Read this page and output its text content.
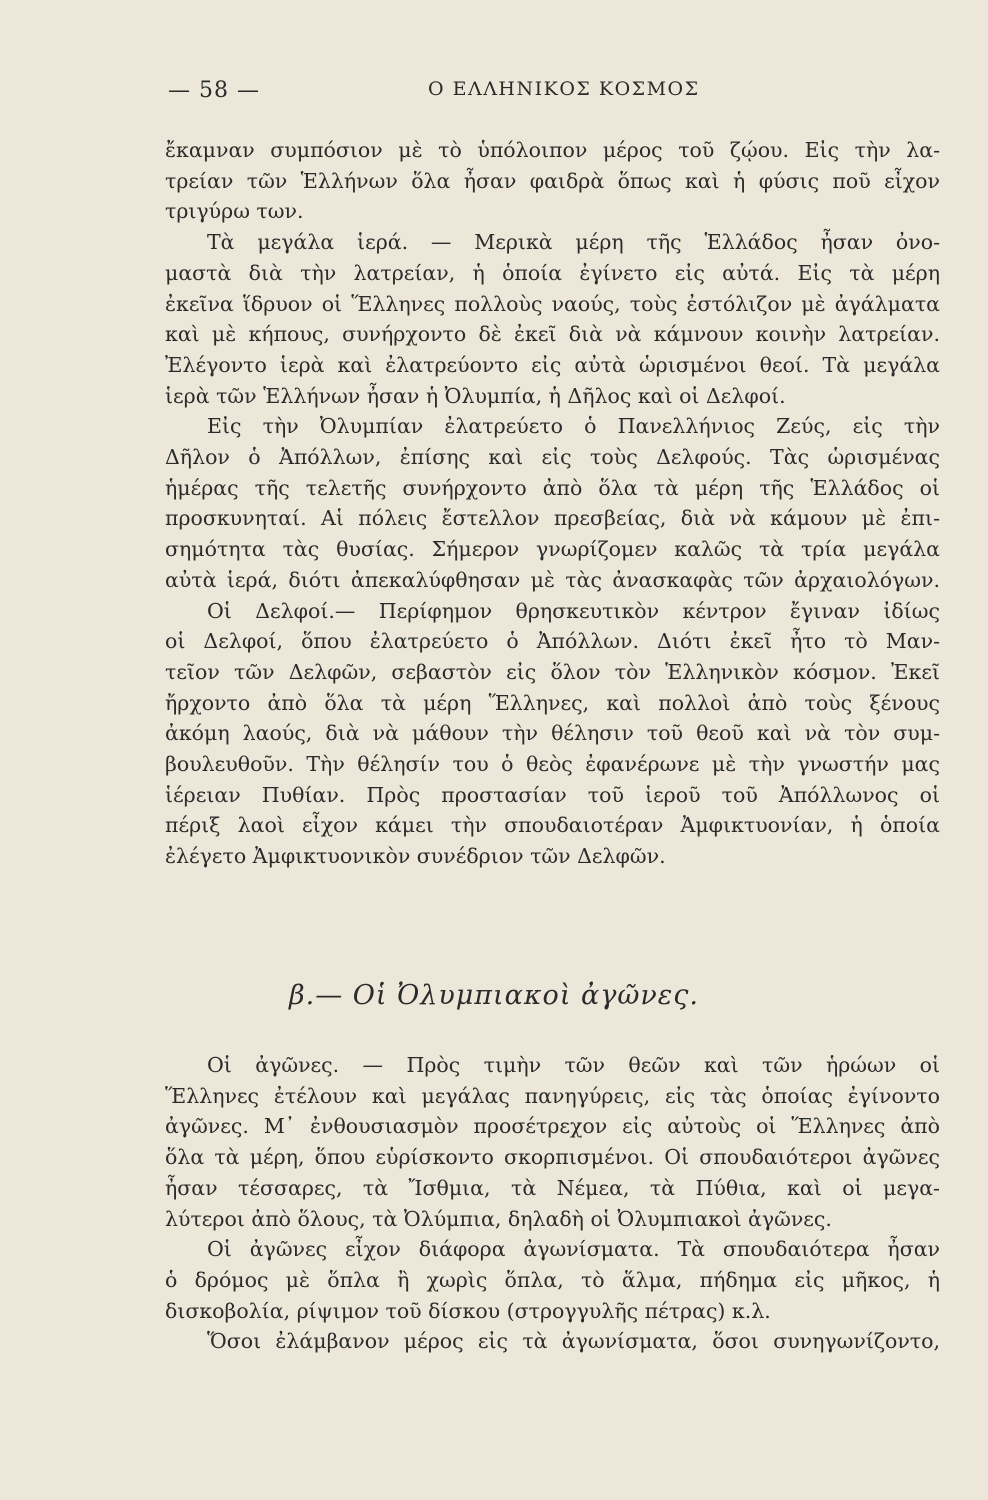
— 58 —	Ο ΕΛΛΗΝΙΚΟΣ ΚΟΣΜΟΣ
ἔκαμναν συμπόσιον μὲ τὸ ὑπόλοιπον μέρος τοῦ ζῴου. Εἰς τὴν λα-
τρείαν τῶν Ἑλλήνων ὅλα ἦσαν φαιδρὰ ὅπως καὶ ἡ φύσις ποῦ εἶχον
τριγύρω των.
Τὰ μεγάλα ἱερά. — Μερικὰ μέρη τῆς Ἑλλάδος ἦσαν ὀνο-
μαστὰ διὰ τὴν λατρείαν, ἡ ὁποία ἐγίνετο εἰς αὐτά. Εἰς τὰ μέρη
ἐκεῖνα ἵδρυον οἱ Ἕλληνες πολλοὺς ναούς, τοὺς ἐστόλιζον μὲ ἀγάλματα
καὶ μὲ κήπους, συνήρχοντο δὲ ἐκεῖ διὰ νὰ κάμνουν κοινὴν λατρείαν.
Ἐλέγοντο ἱερὰ καὶ ἐλατρεύοντο εἰς αὐτὰ ὡρισμένοι θεοί. Τὰ μεγάλα
ἱερὰ τῶν Ἑλλήνων ἦσαν ἡ Ὀλυμπία, ἡ Δῆλος καὶ οἱ Δελφοί.
Εἰς τὴν Ὀλυμπίαν ἐλατρεύετο ὁ Πανελλήνιος Ζεύς, εἰς τὴν
Δῆλον ὁ Ἀπόλλων, ἐπίσης καὶ εἰς τοὺς Δελφούς. Τὰς ὡρισμένας
ἡμέρας τῆς τελετῆς συνήρχοντο ἀπὸ ὅλα τὰ μέρη τῆς Ἑλλάδος οἱ
προσκυνηταί. Αἱ πόλεις ἔστελλον πρεσβείας, διὰ νὰ κάμουν μὲ ἐπι-
σημότητα τὰς θυσίας. Σήμερον γνωρίζομεν καλῶς τὰ τρία μεγάλα
αὐτὰ ἱερά, διότι ἀπεκαλύφθησαν μὲ τὰς ἀνασκαφὰς τῶν ἀρχαιολόγων.
Οἱ Δελφοί.— Περίφημον θρησκευτικὸν κέντρον ἔγιναν ἰδίως
οἱ Δελφοί, ὅπου ἐλατρεύετο ὁ Ἀπόλλων. Διότι ἐκεῖ ἦτο τὸ Μαν-
τεῖον τῶν Δελφῶν, σεβαστὸν εἰς ὅλον τὸν Ἑλληνικὸν κόσμον. Ἐκεῖ
ἤρχοντο ἀπὸ ὅλα τὰ μέρη Ἕλληνες, καὶ πολλοὶ ἀπὸ τοὺς ξένους
ἀκόμη λαούς, διὰ νὰ μάθουν τὴν θέλησιν τοῦ θεοῦ καὶ νὰ τὸν συμ-
βουλευθοῦν. Τὴν θέλησίν του ὁ θεὸς ἐφανέρωνε μὲ τὴν γνωστήν μας
ἱέρειαν Πυθίαν. Πρὸς προστασίαν τοῦ ἱεροῦ τοῦ Ἀπόλλωνος οἱ
πέριξ λαοὶ εἶχον κάμει τὴν σπουδαιοτέραν Ἀμφικτυονίαν, ἡ ὁποία
ἐλέγετο Ἀμφικτυονικὸν συνέδριον τῶν Δελφῶν.
β.— Οἱ Ὀλυμπιακοὶ ἀγῶνες.
Οἱ ἀγῶνες. — Πρὸς τιμὴν τῶν θεῶν καὶ τῶν ἡρώων οἱ
Ἕλληνες ἐτέλουν καὶ μεγάλας πανηγύρεις, εἰς τὰς ὁποίας ἐγίνοντο
ἀγῶνες. Μ᾽ ἐνθουσιασμὸν προσέτρεχον εἰς αὐτοὺς οἱ Ἕλληνες ἀπὸ
ὅλα τὰ μέρη, ὅπου εὑρίσκοντο σκορπισμένοι. Οἱ σπουδαιότεροι ἀγῶνες
ἦσαν τέσσαρες, τὰ Ἴσθμια, τὰ Νέμεα, τὰ Πύθια, καὶ οἱ μεγα-
λύτεροι ἀπὸ ὅλους, τὰ Ὀλύμπια, δηλαδὴ οἱ Ὀλυμπιακοὶ ἀγῶνες.
Οἱ ἀγῶνες εἶχον διάφορα ἀγωνίσματα. Τὰ σπουδαιότερα ἦσαν
ὁ δρόμος μὲ ὅπλα ἢ χωρὶς ὅπλα, τὸ ἅλμα, πήδημα εἰς μῆκος, ἡ
δισκοβολία, ρίψιμον τοῦ δίσκου (στρογγυλῆς πέτρας) κ.λ.
Ὅσοι ἐλάμβανον μέρος εἰς τὰ ἀγωνίσματα, ὅσοι συνηγωνίζοντο,
